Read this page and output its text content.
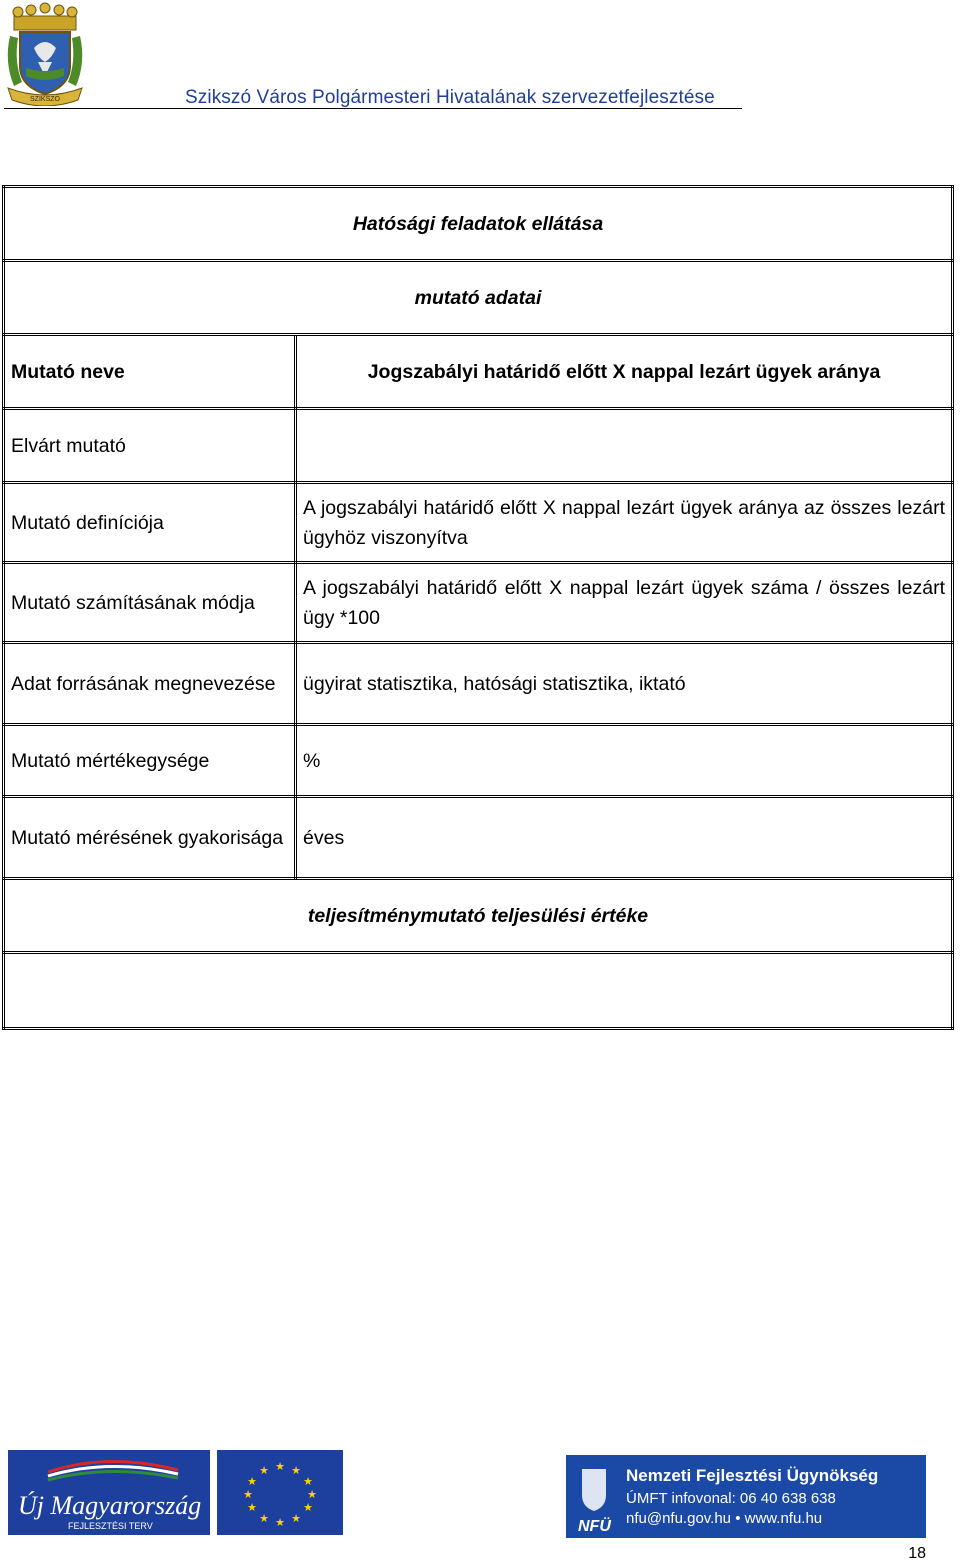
SZIKSZÓ	Szikszó Város Polgármesteri Hivatalának szervezetfejlesztése
Hatósági feladatok ellátása	
mutató adatai	
Mutató neve	Jogszabályi határidő előtt X nappal lezárt ügyek aránya
Elvárt mutató	
Mutató definíciója	A jogszabályi határidő előtt X nappal lezárt ügyek aránya az összes lezárt ügyhöz viszonyítva
Mutató számításának módja	A jogszabályi határidő előtt X nappal lezárt ügyek száma / összes lezárt ügy *100
Adat forrásának megnevezése	ügyirat statisztika, hatósági statisztika, iktató
Mutató mértékegysége	%
Mutató mérésének gyakorisága	éves
teljesítménymutató teljesülési értéke	

Új Magyarország
FEJLESZTÉSI TERV
★ ★
★
★
★
★
★
★
★
★
★
★
NFÜ
Nemzeti Fejlesztési Ügynökség
ÚMFT infovonal: 06 40 638 638
nfu@nfu.gov.hu • www.nfu.hu
18
